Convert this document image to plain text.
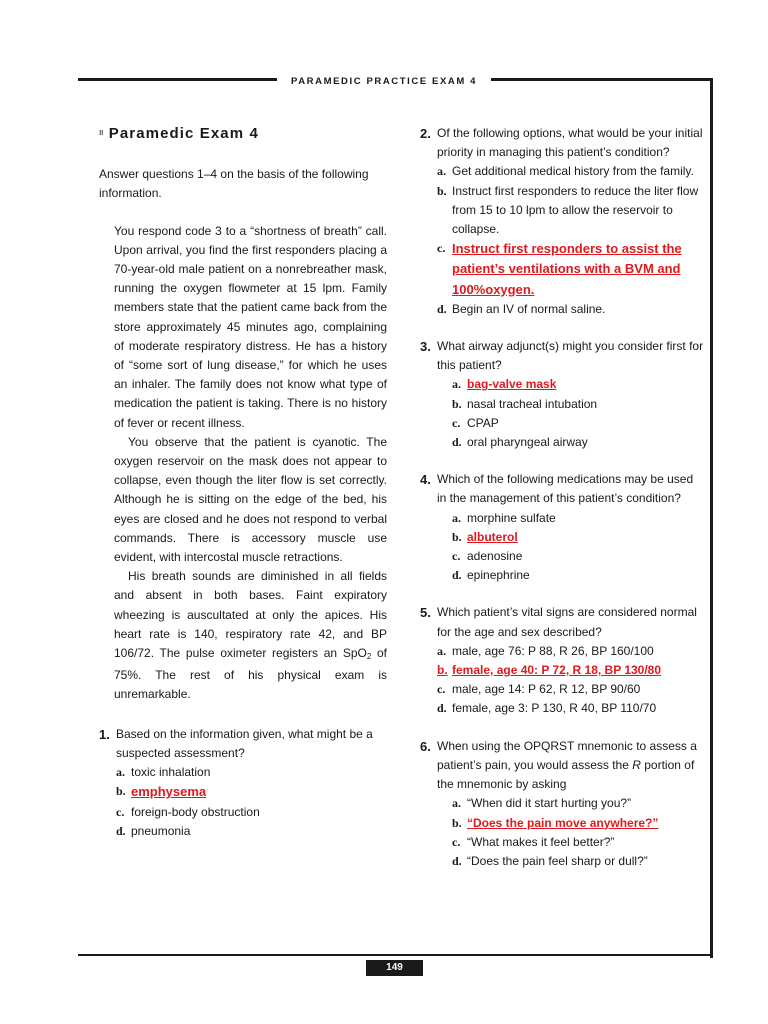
PARAMEDIC PRACTICE EXAM 4
149
Ⅱ Paramedic Exam 4
Answer questions 1–4 on the basis of the following information.

You respond code 3 to a “shortness of breath” call. Upon arrival, you find the first responders placing a 70-year-old male patient on a nonrebreather mask, running the oxygen flowmeter at 15 lpm. Family members state that the patient came back from the store approximately 45 minutes ago, complaining of moderate respiratory distress. He has a history of “some sort of lung disease,” for which he uses an inhaler. The family does not know what type of medication the patient is taking. There is no history of fever or recent illness.

You observe that the patient is cyanotic. The oxygen reservoir on the mask does not appear to collapse, even though the liter flow is set correctly. Although he is sitting on the edge of the bed, his eyes are closed and he does not respond to verbal commands. There is accessory muscle use evident, with intercostal muscle retractions.

His breath sounds are diminished in all fields and absent in both bases. Faint expiratory wheezing is auscultated at only the apices. His heart rate is 140, respiratory rate 42, and BP 106/72. The pulse oximeter registers an SpO2 of 75%. The rest of his physical exam is unremarkable.

1. Based on the information given, what might be a suspected assessment?
a. toxic inhalation
b. emphysema
c. foreign-body obstruction
d. pneumonia
2. Of the following options, what would be your initial priority in managing this patient’s condition?
a. Get additional medical history from the family.
b. Instruct first responders to reduce the liter flow from 15 to 10 lpm to allow the reservoir to collapse.
c. Instruct first responders to assist the patient’s ventilations with a BVM and 100%oxygen.
d. Begin an IV of normal saline.
3. What airway adjunct(s) might you consider first for this patient?
a. bag-valve mask
b. nasal tracheal intubation
c. CPAP
d. oral pharyngeal airway
4. Which of the following medications may be used in the management of this patient’s condition?
a. morphine sulfate
b. albuterol
c. adenosine
d. epinephrine
5. Which patient’s vital signs are considered normal for the age and sex described?
a. male, age 76: P 88, R 26, BP 160/100
b. female, age 40: P 72, R 18, BP 130/80
c. male, age 14: P 62, R 12, BP 90/60
d. female, age 3: P 130, R 40, BP 110/70
6. When using the OPQRST mnemonic to assess a patient’s pain, you would assess the R portion of the mnemonic by asking
a. “When did it start hurting you?”
b. “Does the pain move anywhere?”
c. “What makes it feel better?”
d. “Does the pain feel sharp or dull?”
